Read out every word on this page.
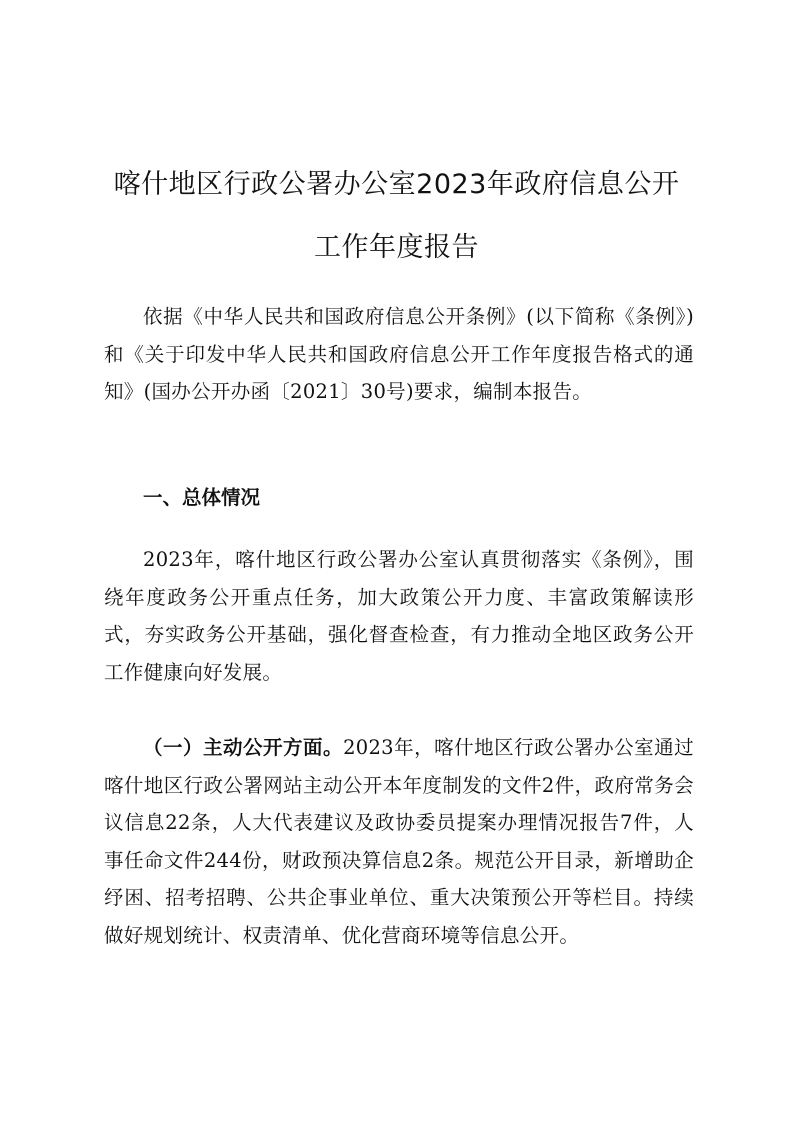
喀什地区行政公署办公室2023年政府信息公开
工作年度报告

依据《中华人民共和国政府信息公开条例》(以下简称《条例》)和《关于印发中华人民共和国政府信息公开工作年度报告格式的通知》(国办公开办函〔2021〕30号)要求，编制本报告。

一、总体情况

2023年，喀什地区行政公署办公室认真贯彻落实《条例》，围绕年度政务公开重点任务，加大政策公开力度、丰富政策解读形式，夯实政务公开基础，强化督查检查，有力推动全地区政务公开工作健康向好发展。

（一）主动公开方面。2023年，喀什地区行政公署办公室通过喀什地区行政公署网站主动公开本年度制发的文件2件，政府常务会议信息22条，人大代表建议及政协委员提案办理情况报告7件，人事任命文件244份，财政预决算信息2条。规范公开目录，新增助企纾困、招考招聘、公共企事业单位、重大决策预公开等栏目。持续做好规划统计、权责清单、优化营商环境等信息公开。
